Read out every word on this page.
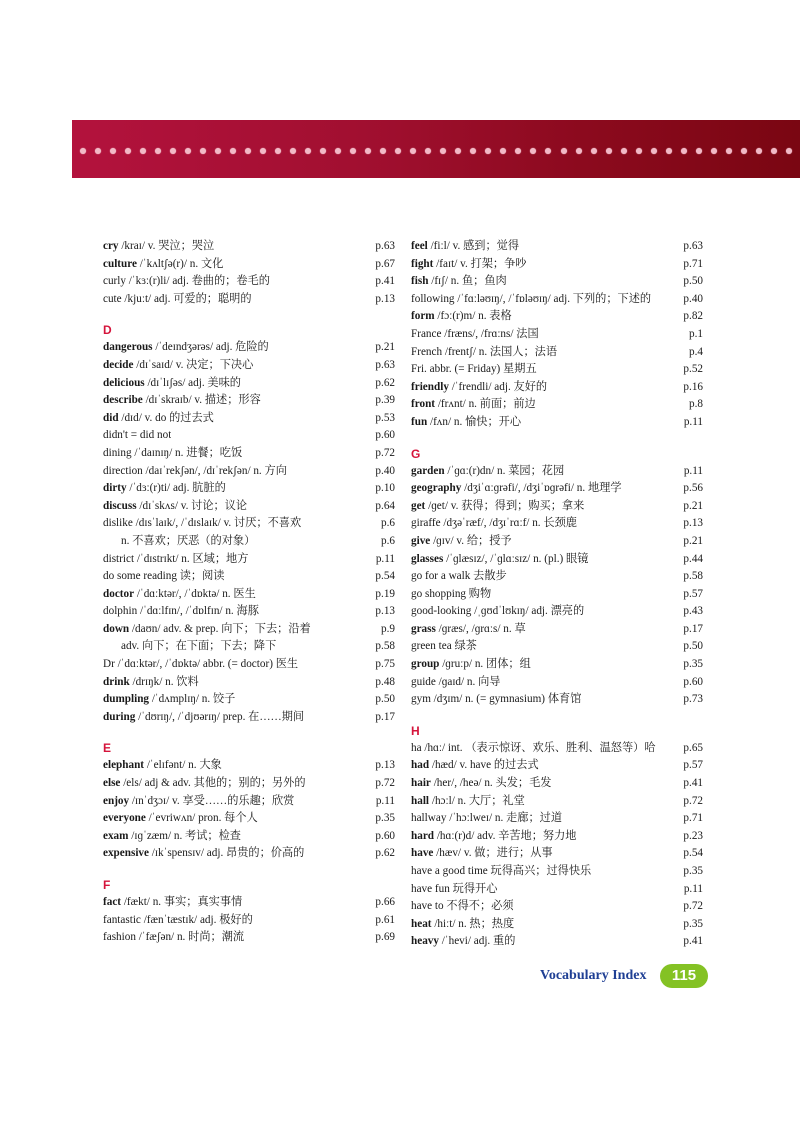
cry /kraɪ/ v. 哭泣；哭泣	p.63
culture /ˈkʌltʃə(r)/ n. 文化	p.67
curly /ˈkɜː(r)li/ adj. 卷曲的；卷毛的	p.41
cute /kjuːt/ adj. 可爱的；聪明的	p.13
D
dangerous /ˈdeɪndʒərəs/ adj. 危险的	p.21
decide /dɪˈsaɪd/ v. 决定；下决心	p.63
delicious /dɪˈlɪʃəs/ adj. 美味的	p.62
describe /dɪˈskraɪb/ v. 描述；形容	p.39
did /dɪd/ v. do 的过去式	p.53
didn't = did not	p.60
dining /ˈdaɪnɪŋ/ n. 进餐；吃饭	p.72
direction /daɪˈrekʃən/, /dɪˈrekʃən/ n. 方向	p.40
dirty /ˈdɜː(r)ti/ adj. 肮脏的	p.10
discuss /dɪˈskʌs/ v. 讨论；议论	p.64
dislike /dɪsˈlaɪk/, /ˈdɪslaɪk/ v. 讨厌；不喜欢	p.6
n. 不喜欢；厌恶（的对象）	p.6
district /ˈdɪstrɪkt/ n. 区域；地方	p.11
do some reading 读；阅读	p.54
doctor /ˈdɑːktər/, /ˈdɒktə/ n. 医生	p.19
dolphin /ˈdɑːlfɪn/, /ˈdɒlfɪn/ n. 海豚	p.13
down /daʊn/ adv. & prep. 向下；下去；沿着	p.9
adv. 向下；在下面；下去；降下	p.58
Dr /ˈdɑːktər/, /ˈdɒktə/ abbr. (= doctor) 医生	p.75
drink /drɪŋk/ n. 饮料	p.48
dumpling /ˈdʌmplɪŋ/ n. 饺子	p.50
during /ˈdʊrɪŋ/, /ˈdjʊərɪŋ/ prep. 在……期间	p.17
E
elephant /ˈelɪfənt/ n. 大象	p.13
else /els/ adj & adv. 其他的；别的；另外的	p.72
enjoy /ɪnˈdʒɔɪ/ v. 享受……的乐趣；欣赏	p.11
everyone /ˈevriwʌn/ pron. 每个人	p.35
exam /ɪɡˈzæm/ n. 考试；检查	p.60
expensive /ɪkˈspensɪv/ adj. 昂贵的；价高的	p.62
F
fact /fækt/ n. 事实；真实事情	p.66
fantastic /fænˈtæstɪk/ adj. 极好的	p.61
fashion /ˈfæʃən/ n. 时尚；潮流	p.69
feel /fiːl/ v. 感到；觉得	p.63
fight /faɪt/ v. 打架；争吵	p.71
fish /fɪʃ/ n. 鱼；鱼肉	p.50
following /ˈfɑːləʊɪŋ/, /ˈfɒləʊɪŋ/ adj. 下列的；下述的	p.40
form /fɔː(r)m/ n. 表格	p.82
France /fræns/, /frɑːns/ 法国	p.1
French /frentʃ/ n. 法国人；法语	p.4
Fri. abbr. (= Friday) 星期五	p.52
friendly /ˈfrendli/ adj. 友好的	p.16
front /frʌnt/ n. 前面；前边	p.8
fun /fʌn/ n. 愉快；开心	p.11
G
garden /ˈɡɑː(r)dn/ n. 菜园；花园	p.11
geography /dʒiˈɑːɡrəfi/, /dʒiˈɒɡrəfi/ n. 地理学	p.56
get /ɡet/ v. 获得；得到；购买；拿来	p.21
giraffe /dʒəˈræf/, /dʒɪˈrɑːf/ n. 长颈鹿	p.13
give /ɡɪv/ v. 给；授予	p.21
glasses /ˈɡlæsɪz/, /ˈɡlɑːsɪz/ n. (pl.) 眼镜	p.44
go for a walk 去散步	p.58
go shopping 购物	p.57
good-looking /ˌɡʊdˈlʊkɪŋ/ adj. 漂亮的	p.43
grass /ɡræs/, /ɡrɑːs/ n. 草	p.17
green tea 绿茶	p.50
group /ɡruːp/ n. 团体；组	p.35
guide /ɡaɪd/ n. 向导	p.60
gym /dʒɪm/ n. (= gymnasium) 体育馆	p.73
H
ha /hɑː/ int. （表示惊讶、欢乐、胜利、温怒等）哈	p.65
had /hæd/ v. have 的过去式	p.57
hair /her/, /heə/ n. 头发；毛发	p.41
hall /hɔːl/ n. 大厅；礼堂	p.72
hallway /ˈhɔːlweɪ/ n. 走廊；过道	p.71
hard /hɑː(r)d/ adv. 辛苦地；努力地	p.23
have /hæv/ v. 做；进行；从事	p.54
have a good time 玩得高兴；过得快乐	p.35
have fun 玩得开心	p.11
have to 不得不；必须	p.72
heat /hiːt/ n. 热；热度	p.35
heavy /ˈhevi/ adj. 重的	p.41
Vocabulary Index	115
